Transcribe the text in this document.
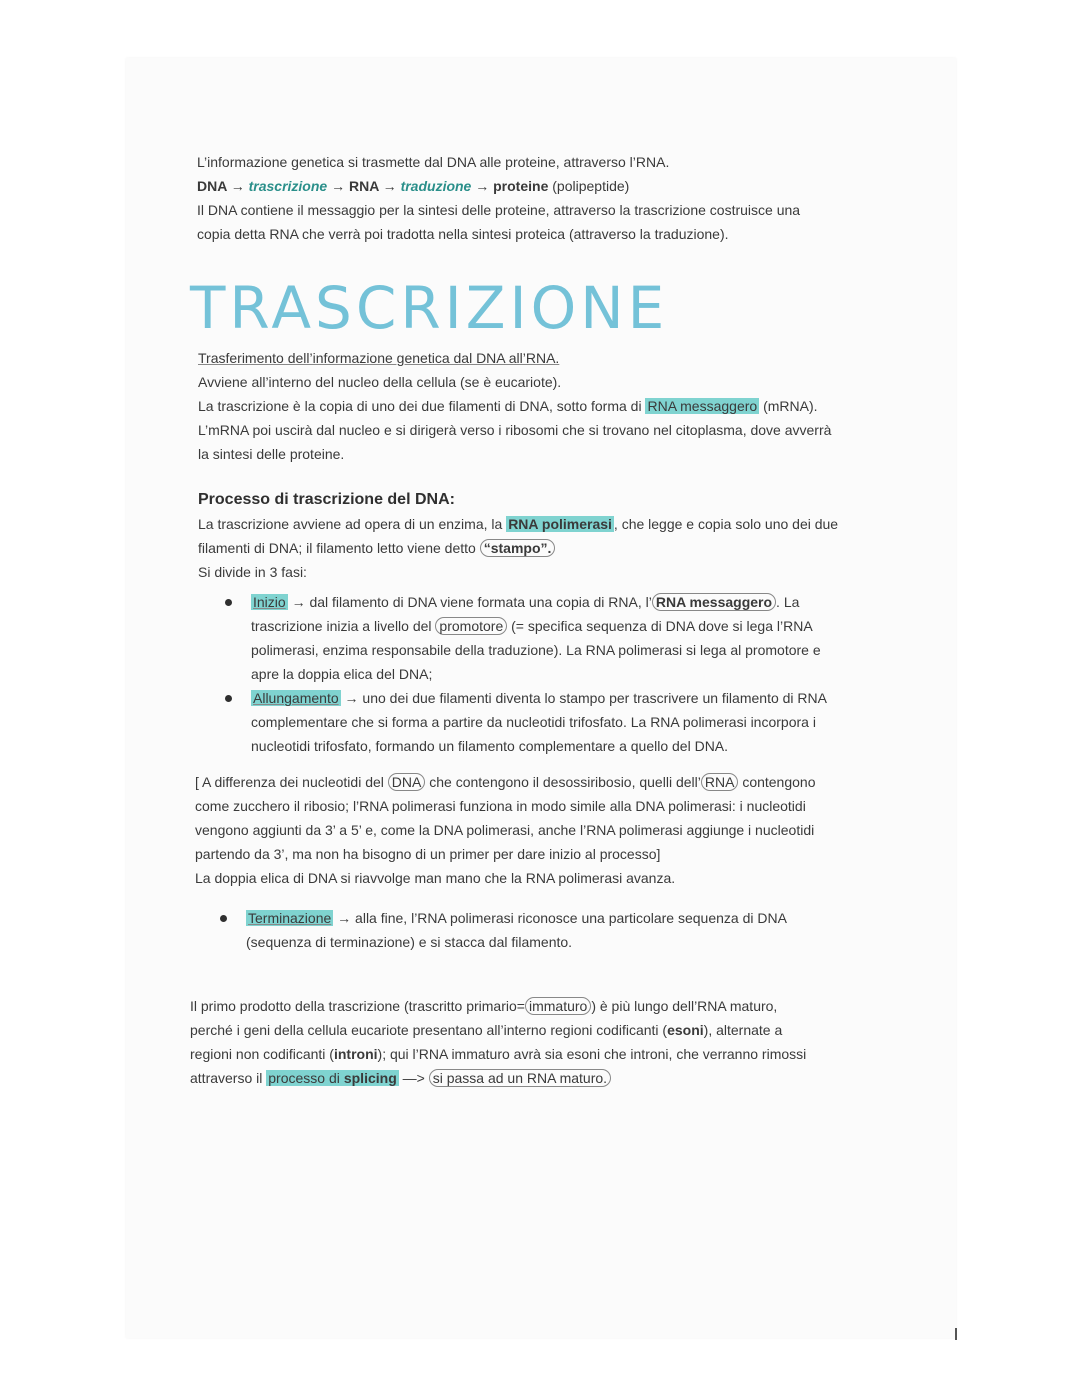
L’informazione genetica si trasmette dal DNA alle proteine, attraverso l’RNA.
DNA → trascrizione → RNA → traduzione → proteine (polipeptide)
Il DNA contiene il messaggio per la sintesi delle proteine, attraverso la trascrizione costruisce una
copia detta RNA che verrà poi tradotta nella sintesi proteica (attraverso la traduzione).
TRASCRIZIONE
Trasferimento dell’informazione genetica dal DNA all’RNA.
Avviene all’interno del nucleo della cellula (se è eucariote).
La trascrizione è la copia di uno dei due filamenti di DNA, sotto forma di RNA messaggero (mRNA).
L’mRNA poi uscirà dal nucleo e si dirigerà verso i ribosomi che si trovano nel citoplasma, dove avverrà
la sintesi delle proteine.
Processo di trascrizione del DNA:
La trascrizione avviene ad opera di un enzima, la RNA polimerasi , che legge e copia solo uno dei due
filamenti di DNA; il filamento letto viene detto “stampo”.
Si divide in 3 fasi:
Inizio → dal filamento di DNA viene formata una copia di RNA, l’ RNA messaggero . La
trascrizione inizia a livello del promotore (= specifica sequenza di DNA dove si lega l’RNA
polimerasi, enzima responsabile della traduzione). La RNA polimerasi si lega al promotore e
apre la doppia elica del DNA;
Allungamento → uno dei due filamenti diventa lo stampo per trascrivere un filamento di RNA
complementare che si forma a partire da nucleotidi trifosfato. La RNA polimerasi incorpora i
nucleotidi trifosfato, formando un filamento complementare a quello del DNA.
[ A differenza dei nucleotidi del DNA che contengono il desossiribosio, quelli dell’ RNA contengono
come zucchero il ribosio; l’RNA polimerasi funziona in modo simile alla DNA polimerasi: i nucleotidi
vengono aggiunti da 3’ a 5’ e, come la DNA polimerasi, anche l’RNA polimerasi aggiunge i nucleotidi
partendo da 3’, ma non ha bisogno di un primer per dare inizio al processo]
La doppia elica di DNA si riavvolge man mano che la RNA polimerasi avanza.
Terminazione → alla fine, l’RNA polimerasi riconosce una particolare sequenza di DNA
(sequenza di terminazione) e si stacca dal filamento.
Il primo prodotto della trascrizione (trascritto primario= immaturo ) è più lungo dell’RNA maturo,
perché i geni della cellula eucariote presentano all’interno regioni codificanti (esoni), alternate a
regioni non codificanti (introni); qui l’RNA immaturo avrà sia esoni che introni, che verranno rimossi
attraverso il processo di splicing —> si passa ad un RNA maturo.
